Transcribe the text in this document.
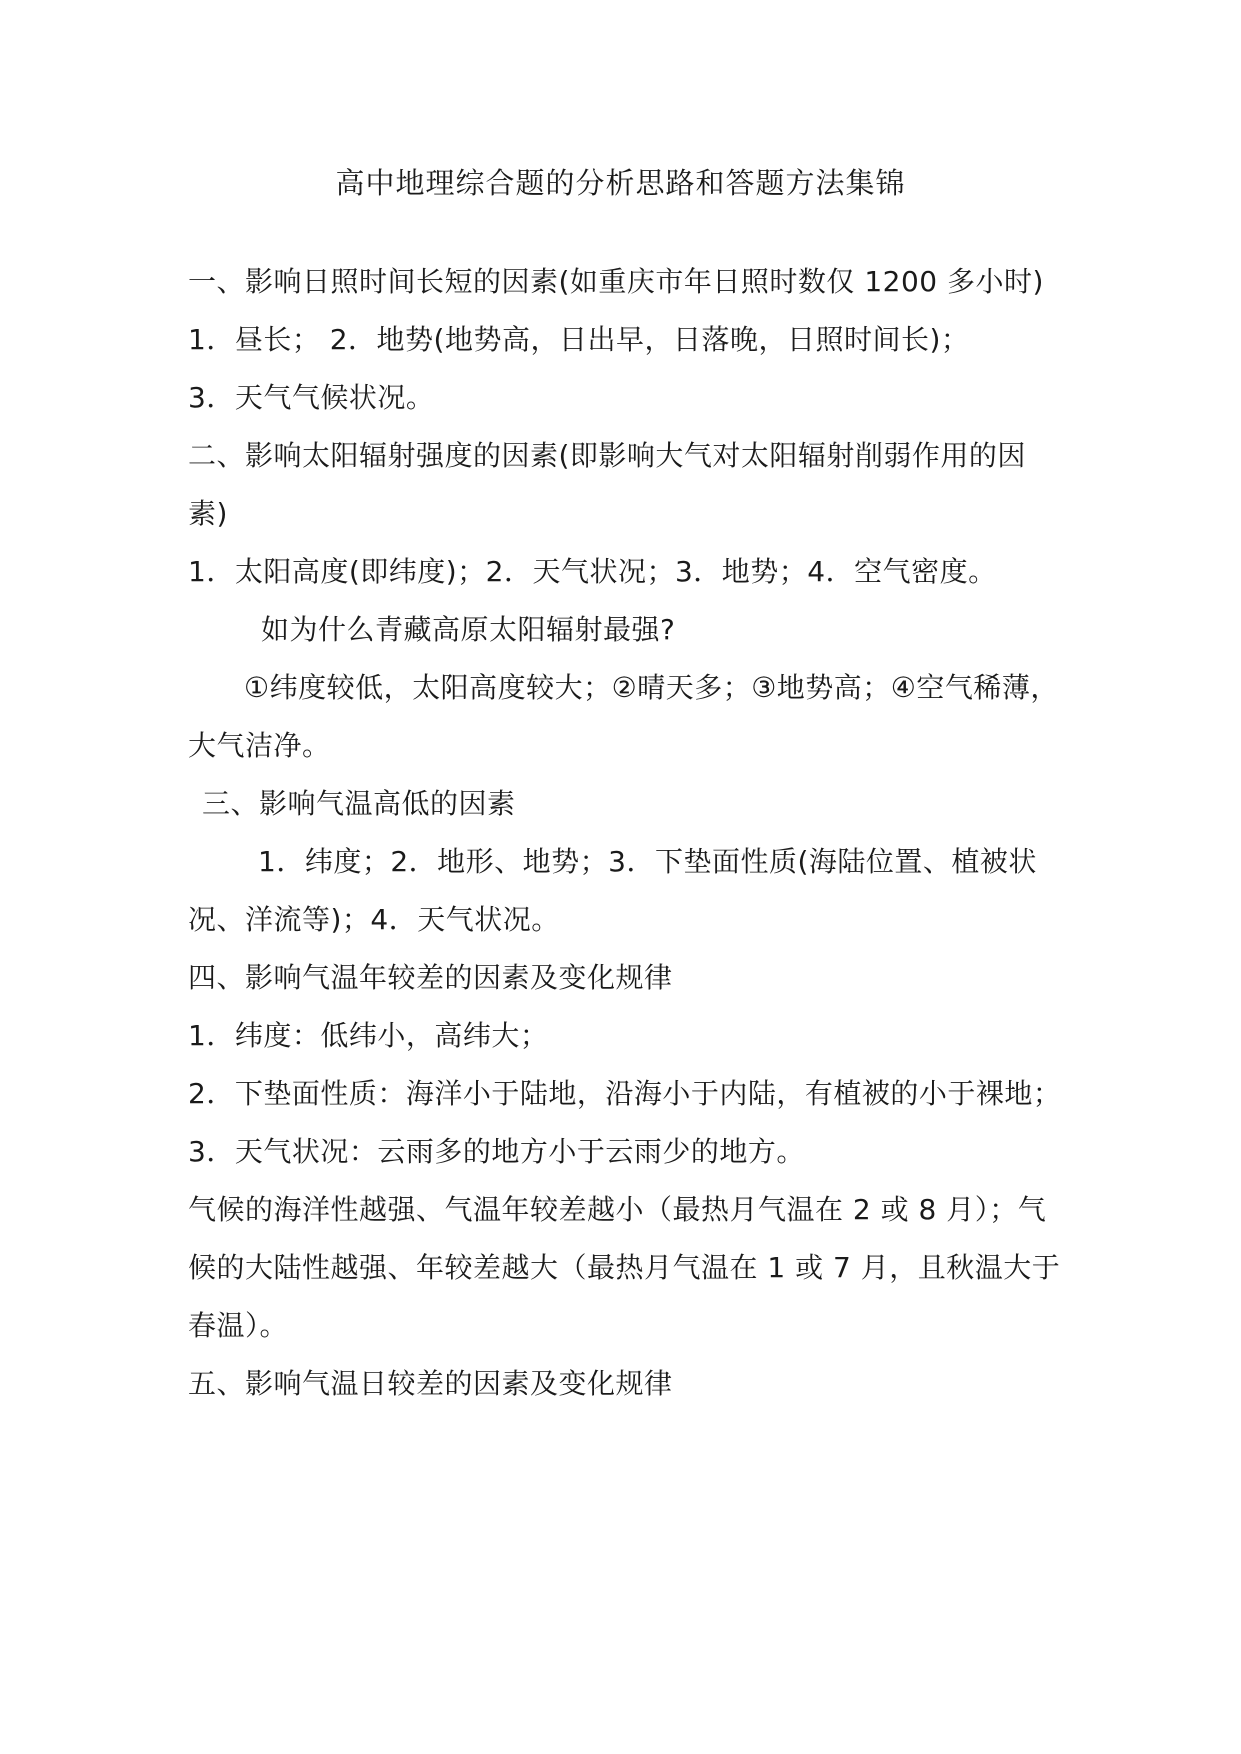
高中地理综合题的分析思路和答题方法集锦
一、影响日照时间长短的因素(如重庆市年日照时数仅 1200 多小时)
1．昼长； 2．地势(地势高，日出早，日落晚，日照时间长)；
3．天气气候状况。
二、影响太阳辐射强度的因素(即影响大气对太阳辐射削弱作用的因
素)
1．太阳高度(即纬度)；2．天气状况；3．地势；4．空气密度。
如为什么青藏高原太阳辐射最强?
①纬度较低，太阳高度较大；②晴天多；③地势高；④空气稀薄，
大气洁净。
三、影响气温高低的因素
1．纬度；2．地形、地势；3．下垫面性质(海陆位置、植被状
况、洋流等)；4．天气状况。
四、影响气温年较差的因素及变化规律
1．纬度：低纬小，高纬大；
2．下垫面性质：海洋小于陆地，沿海小于内陆，有植被的小于裸地；
3．天气状况：云雨多的地方小于云雨少的地方。
气候的海洋性越强、气温年较差越小（最热月气温在 2 或 8 月）；气
候的大陆性越强、年较差越大（最热月气温在 1 或 7 月，且秋温大于
春温）。
五、影响气温日较差的因素及变化规律
